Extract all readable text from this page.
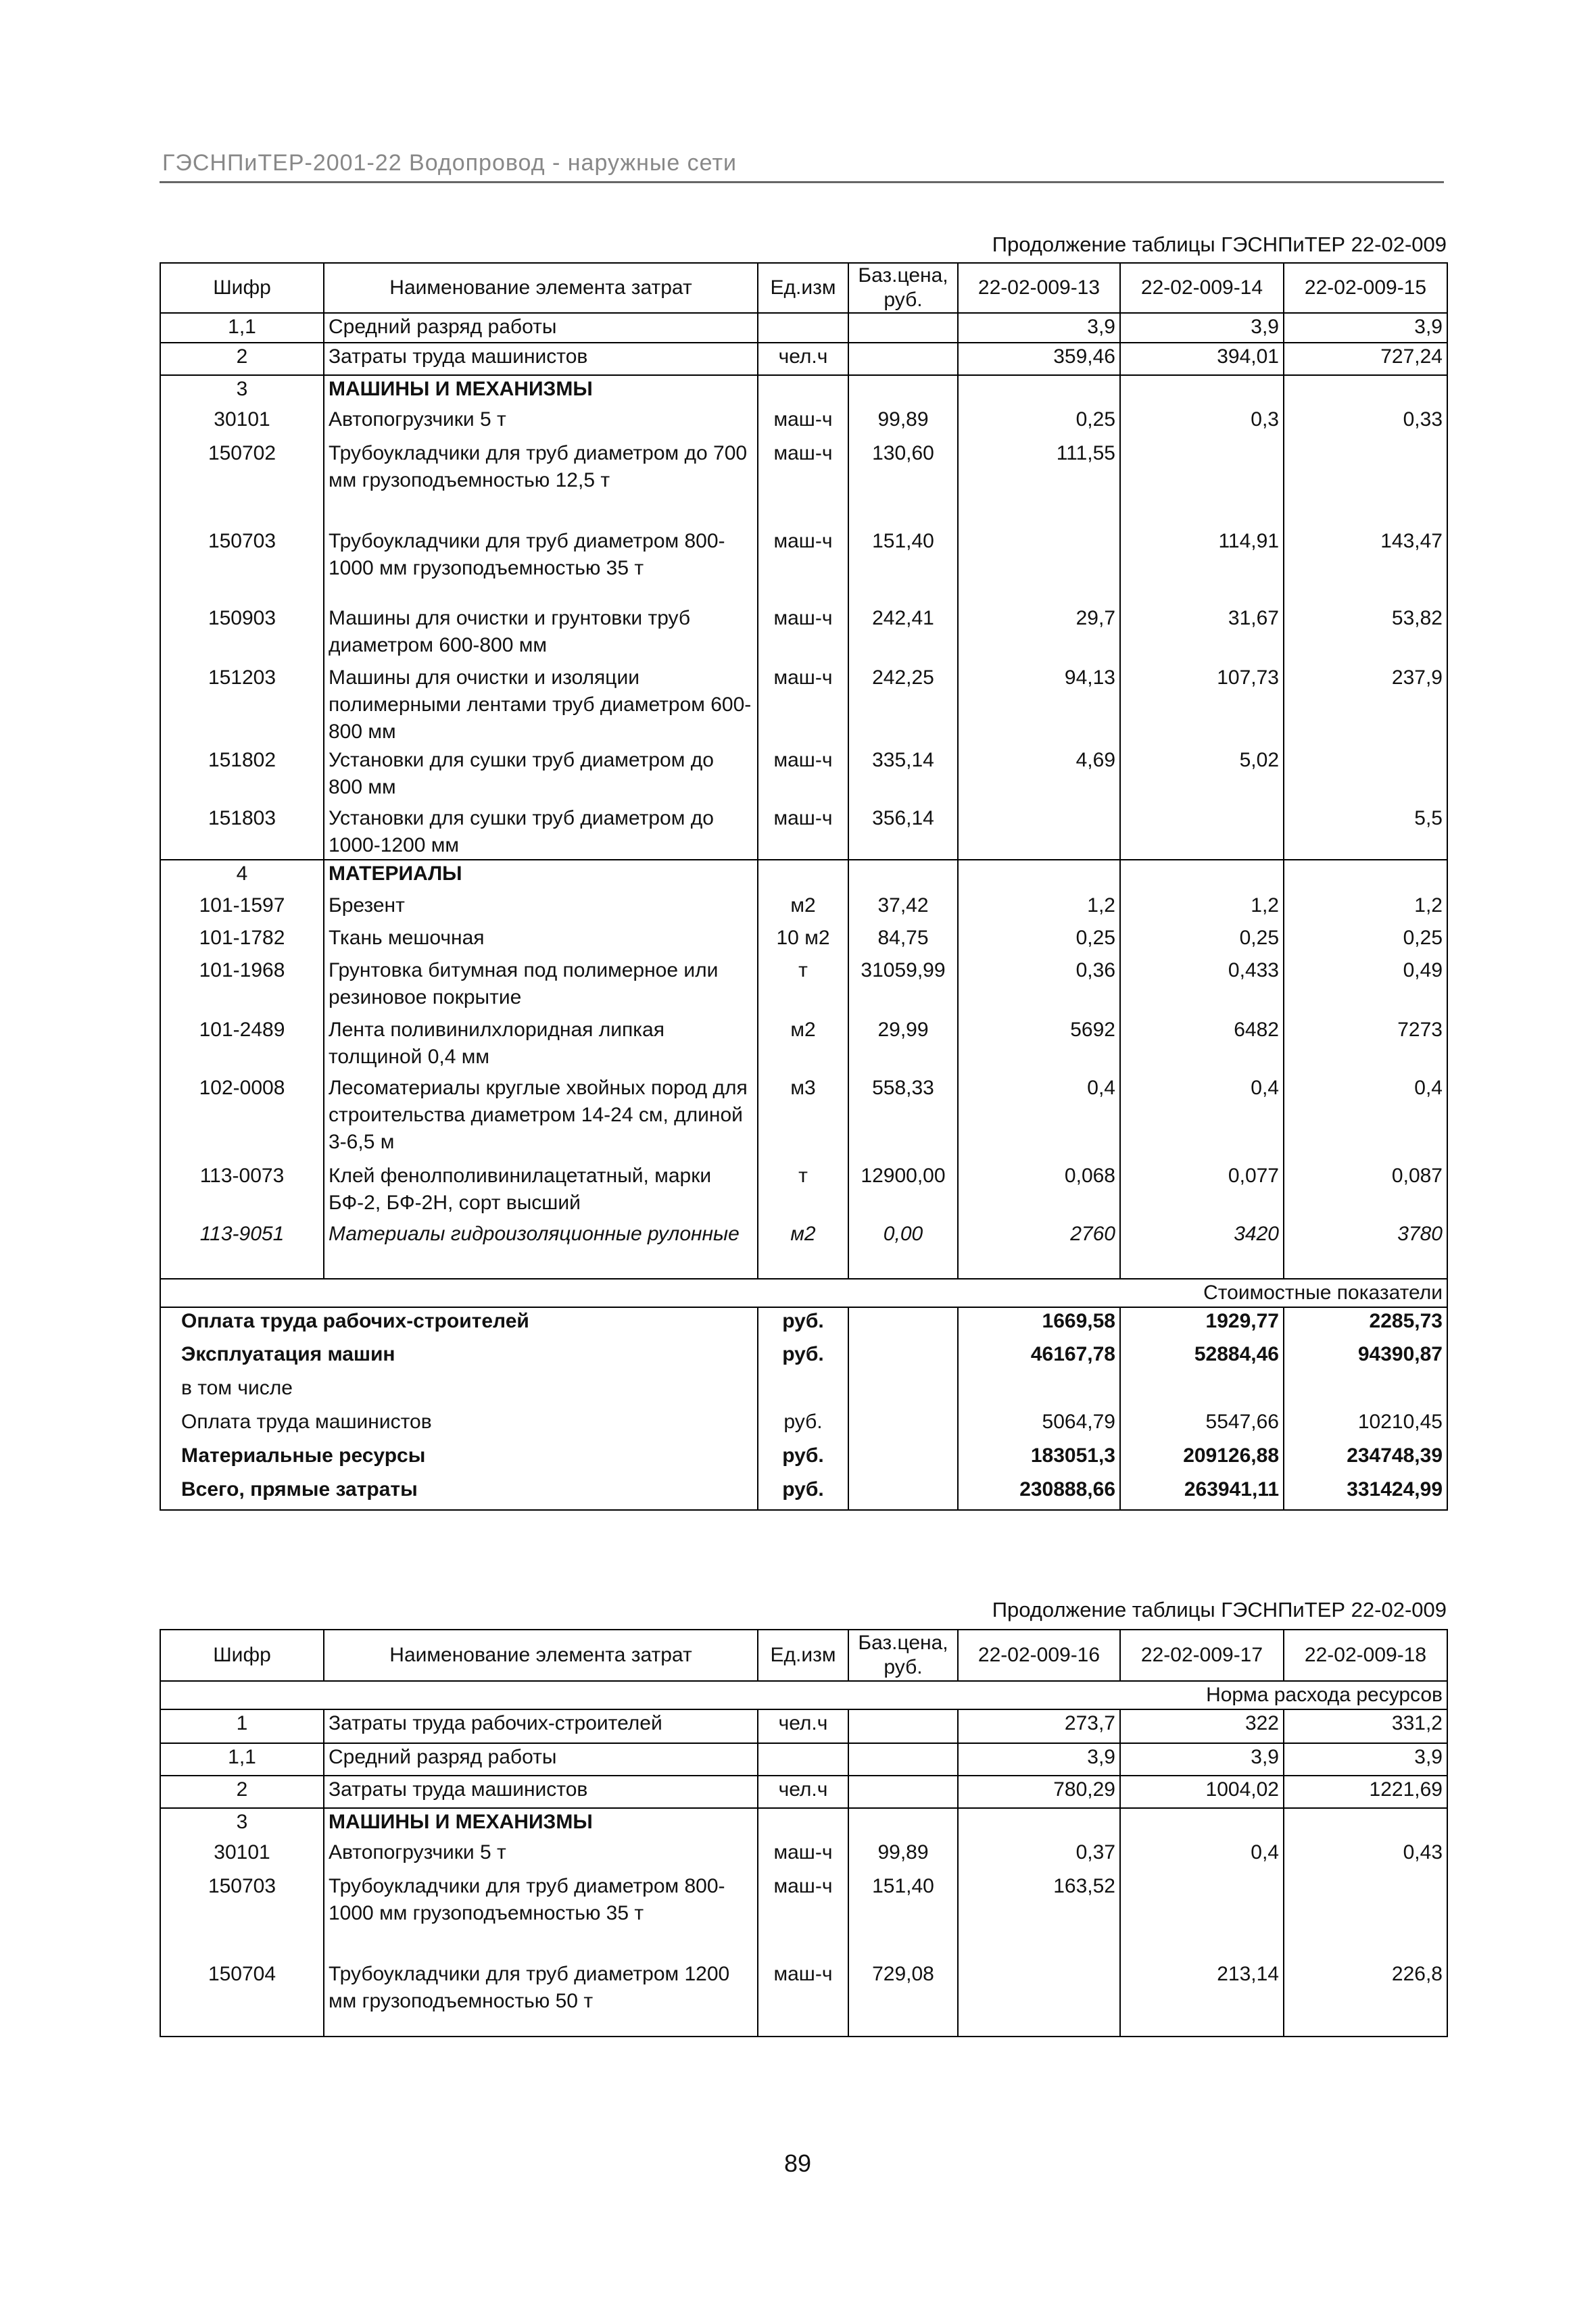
ГЭСНПиТЕР-2001-22 Водопровод - наружные сети
Продолжение таблицы ГЭСНПиТЕР 22-02-009
Шифр	Наименование элемента затрат	Ед.изм	Баз.цена, руб.	22-02-009-13	22-02-009-14	22-02-009-15
1,1	Средний разряд работы			3,9	3,9	3,9
2	Затраты труда машинистов	чел.ч		359,46	394,01	727,24
3	МАШИНЫ И МЕХАНИЗМЫ					
30101	Автопогрузчики 5 т	маш-ч	99,89	0,25	0,3	0,33
150702	Трубоукладчики для труб диаметром до 700 мм грузоподъемностью 12,5 т	маш-ч	130,60	111,55		
150703	Трубоукладчики для труб диаметром 800-1000 мм грузоподъемностью 35 т	маш-ч	151,40		114,91	143,47
150903	Машины для очистки и грунтовки труб диаметром 600-800 мм	маш-ч	242,41	29,7	31,67	53,82
151203	Машины для очистки и изоляции полимерными лентами труб диаметром 600-800 мм	маш-ч	242,25	94,13	107,73	237,9
151802	Установки для сушки труб диаметром до 800 мм	маш-ч	335,14	4,69	5,02	
151803	Установки для сушки труб диаметром до 1000-1200 мм	маш-ч	356,14			5,5
4	МАТЕРИАЛЫ					
101-1597	Брезент	м2	37,42	1,2	1,2	1,2
101-1782	Ткань мешочная	10 м2	84,75	0,25	0,25	0,25
101-1968	Грунтовка битумная под полимерное или резиновое покрытие	т	31059,99	0,36	0,433	0,49
101-2489	Лента поливинилхлоридная липкая толщиной 0,4 мм	м2	29,99	5692	6482	7273
102-0008	Лесоматериалы круглые хвойных пород для строительства диаметром 14-24 см, длиной 3-6,5 м	м3	558,33	0,4	0,4	0,4
113-0073	Клей фенолполивинилацетатный, марки БФ-2, БФ-2Н, сорт высший	т	12900,00	0,068	0,077	0,087
113-9051	Материалы гидроизоляционные рулонные	м2	0,00	2760	3420	3780
Стоимостные показатели						
Оплата труда рабочих-строителей		руб.		1669,58	1929,77	2285,73
Эксплуатация машин		руб.		46167,78	52884,46	94390,87
в том числе						
Оплата труда машинистов		руб.		5064,79	5547,66	10210,45
Материальные ресурсы		руб.		183051,3	209126,88	234748,39
Всего, прямые затраты		руб.		230888,66	263941,11	331424,99
Продолжение таблицы ГЭСНПиТЕР 22-02-009
Шифр	Наименование элемента затрат	Ед.изм	Баз.цена, руб.	22-02-009-16	22-02-009-17	22-02-009-18
Норма расхода ресурсов						
1	Затраты труда рабочих-строителей	чел.ч		273,7	322	331,2
1,1	Средний разряд работы			3,9	3,9	3,9
2	Затраты труда машинистов	чел.ч		780,29	1004,02	1221,69
3	МАШИНЫ И МЕХАНИЗМЫ					
30101	Автопогрузчики 5 т	маш-ч	99,89	0,37	0,4	0,43
150703	Трубоукладчики для труб диаметром 800-1000 мм грузоподъемностью 35 т	маш-ч	151,40	163,52		
150704	Трубоукладчики для труб диаметром 1200 мм грузоподъемностью 50 т	маш-ч	729,08		213,14	226,8
89
